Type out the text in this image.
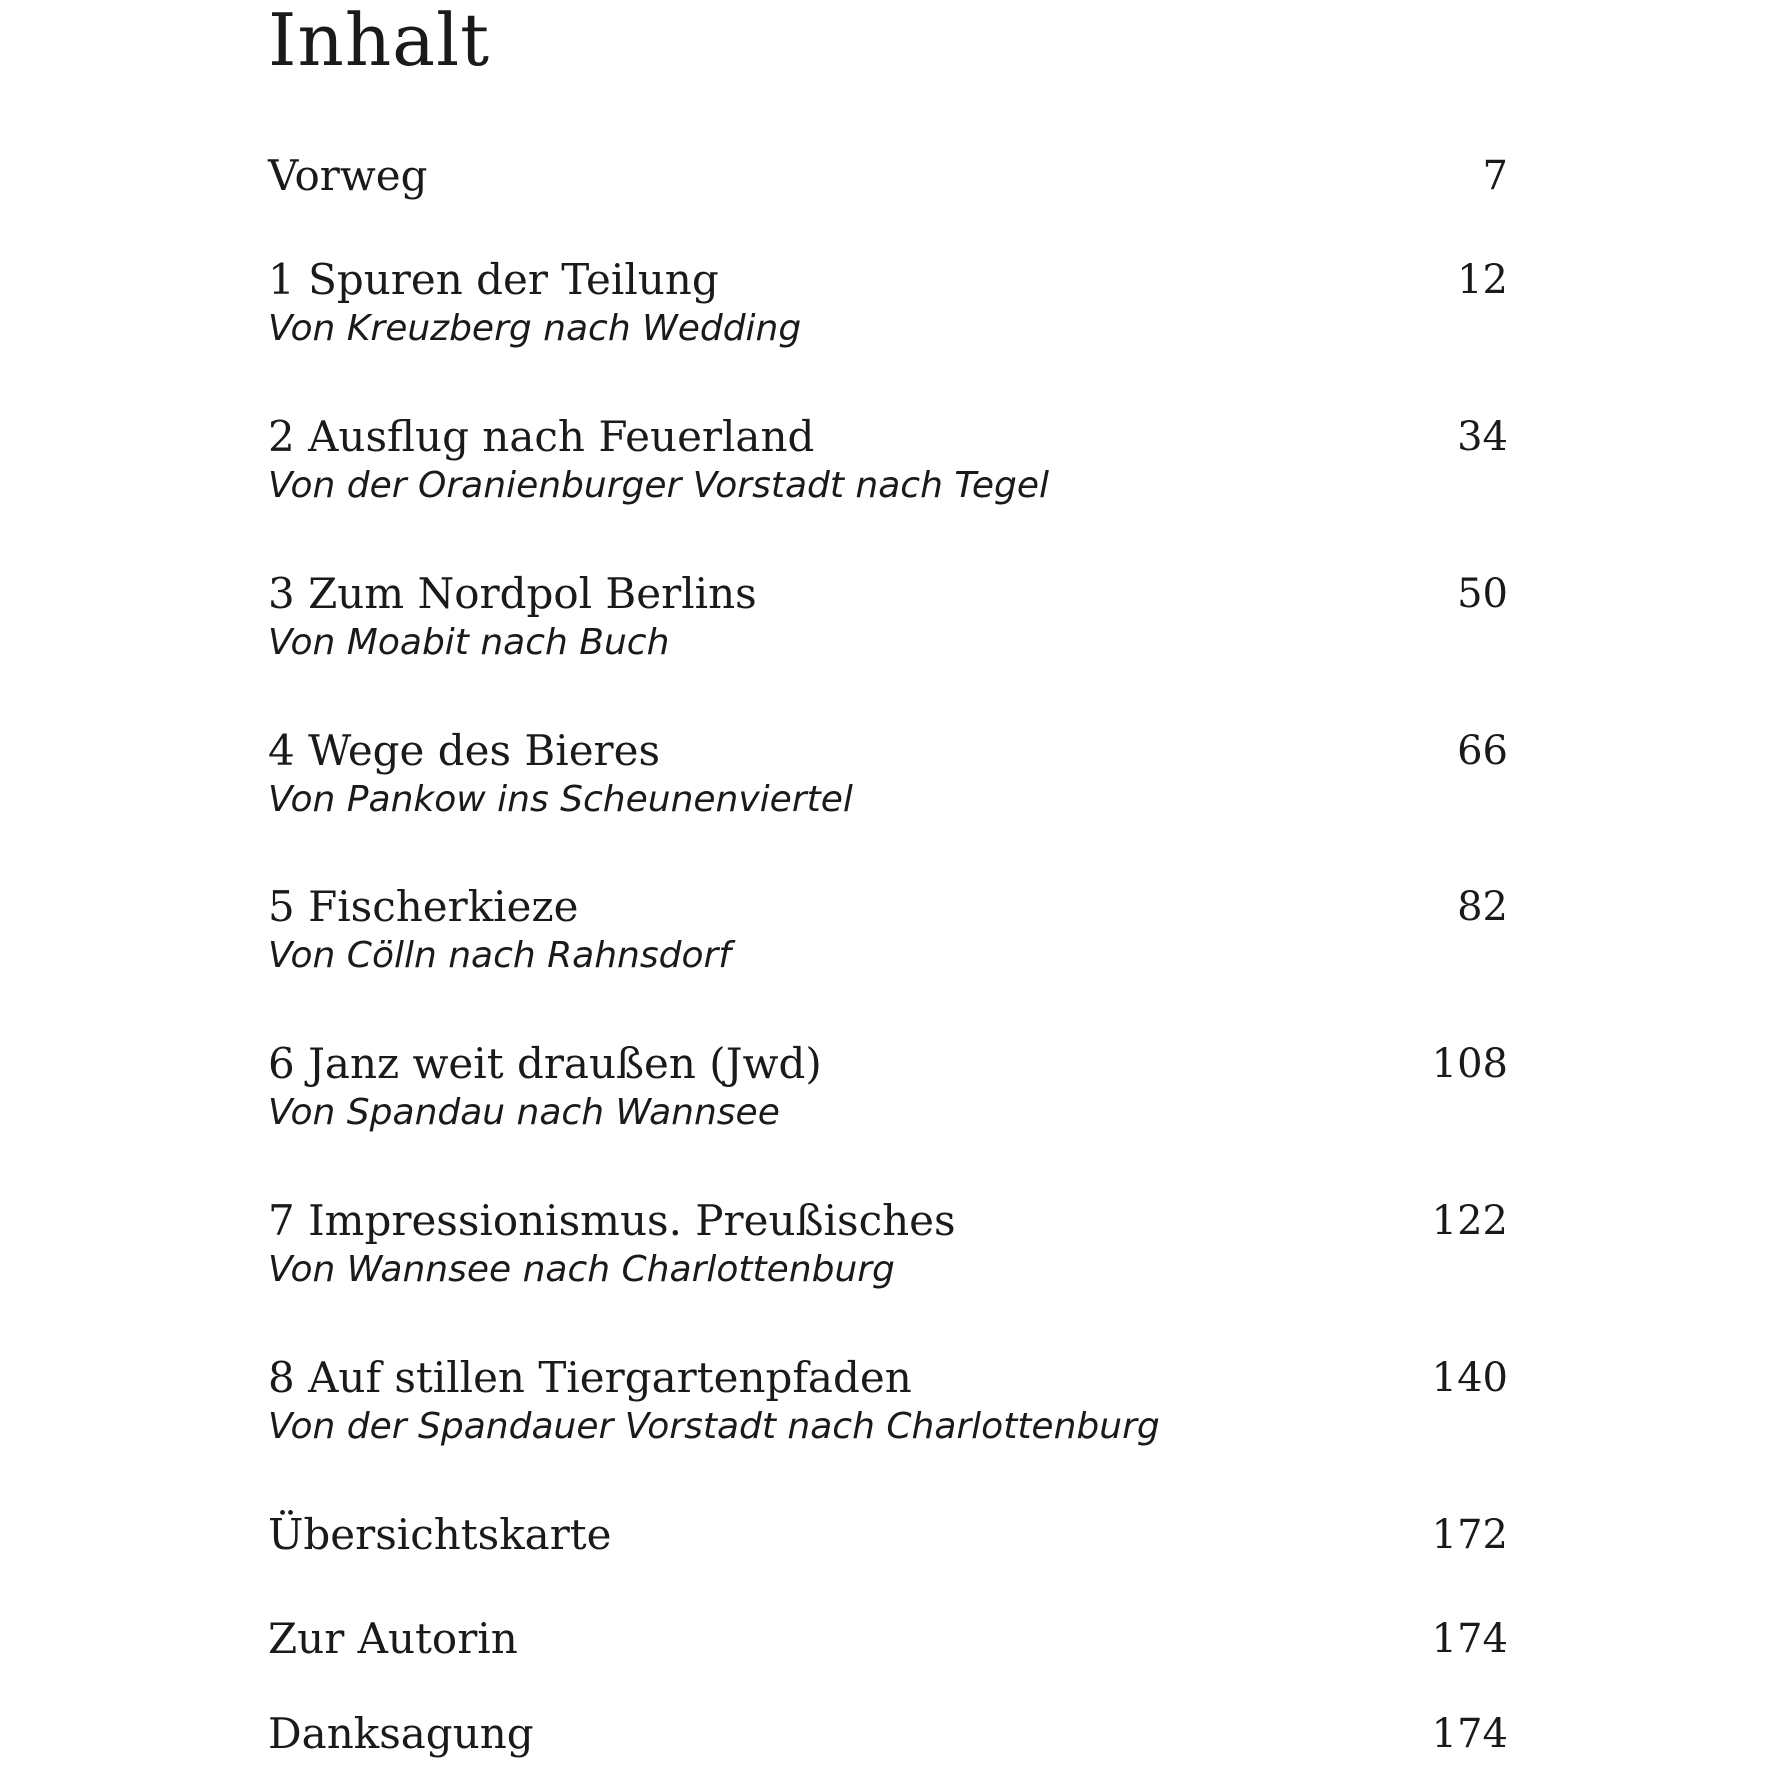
Inhalt
Vorweg	7
1 Spuren der Teilung	12
Von Kreuzberg nach Wedding
2 Ausflug nach Feuerland	34
Von der Oranienburger Vorstadt nach Tegel
3 Zum Nordpol Berlins	50
Von Moabit nach Buch
4 Wege des Bieres	66
Von Pankow ins Scheunenviertel
5 Fischerkieze	82
Von Cölln nach Rahnsdorf
6 Janz weit draußen (Jwd)	108
Von Spandau nach Wannsee
7 Impressionismus. Preußisches	122
Von Wannsee nach Charlottenburg
8 Auf stillen Tiergartenpfaden	140
Von der Spandauer Vorstadt nach Charlottenburg
Übersichtskarte	172
Zur Autorin	174
Danksagung	174
